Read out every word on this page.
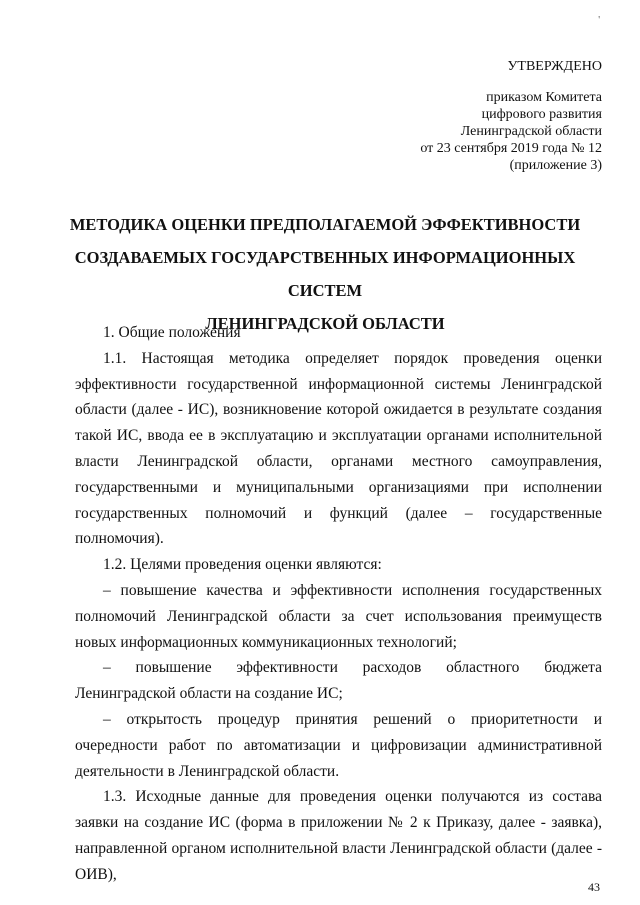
'
УТВЕРЖДЕНО
приказом Комитета
цифрового развития
Ленинградской области
от 23 сентября 2019 года № 12
(приложение 3)
МЕТОДИКА ОЦЕНКИ ПРЕДПОЛАГАЕМОЙ ЭФФЕКТИВНОСТИ
СОЗДАВАЕМЫХ ГОСУДАРСТВЕННЫХ ИНФОРМАЦИОННЫХ СИСТЕМ
ЛЕНИНГРАДСКОЙ ОБЛАСТИ

1. Общие положения

1.1. Настоящая методика определяет порядок проведения оценки эффективности государственной информационной системы Ленинградской области (далее - ИС), возникновение которой ожидается в результате создания такой ИС, ввода ее в эксплуатацию и эксплуатации органами исполнительной власти Ленинградской области, органами местного самоуправления, государственными и муниципальными организациями при исполнении государственных полномочий и функций (далее – государственные полномочия).

1.2. Целями проведения оценки являются:

– повышение качества и эффективности исполнения государственных полномочий Ленинградской области за счет использования преимуществ новых информационных коммуникационных технологий;

– повышение эффективности расходов областного бюджета Ленинградской области на создание ИС;

– открытость процедур принятия решений о приоритетности и очередности работ по автоматизации и цифровизации административной деятельности в Ленинградской области.

1.3. Исходные данные для проведения оценки получаются из состава заявки на создание ИС (форма в приложении № 2 к Приказу, далее - заявка), направленной органом исполнительной власти Ленинградской области (далее - ОИВ),

43
